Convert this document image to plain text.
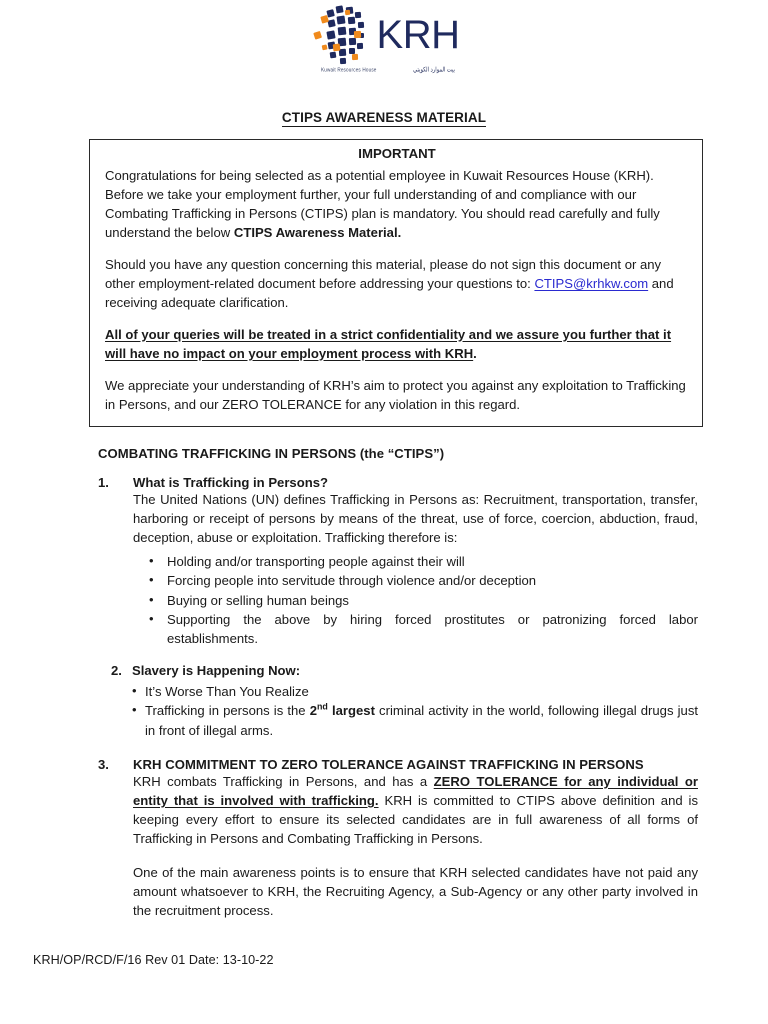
KRH
Kuwait Resources House	بيت الموارد الكويتي
CTIPS AWARENESS MATERIAL
IMPORTANT

Congratulations for being selected as a potential employee in Kuwait Resources House (KRH). Before we take your employment further, your full understanding of and compliance with our Combating Trafficking in Persons (CTIPS) plan is mandatory. You should read carefully and fully understand the below CTIPS Awareness Material.

Should you have any question concerning this material, please do not sign this document or any other employment-related document before addressing your questions to: CTIPS@krhkw.com and receiving adequate clarification.

All of your queries will be treated in a strict confidentiality and we assure you further that it will have no impact on your employment process with KRH.

We appreciate your understanding of KRH’s aim to protect you against any exploitation to Trafficking in Persons, and our ZERO TOLERANCE for any violation in this regard.

COMBATING TRAFFICKING IN PERSONS (the “CTIPS”)
1.	What is Trafficking in Persons?

The United Nations (UN) defines Trafficking in Persons as: Recruitment, transportation, transfer, harboring or receipt of persons by means of the threat, use of force, coercion, abduction, fraud, deception, abuse or exploitation. Trafficking therefore is:

• Holding and/or transporting people against their will
• Forcing people into servitude through violence and/or deception
• Buying or selling human beings
• Supporting the above by hiring forced prostitutes or patronizing forced labor establishments.
2. Slavery is Happening Now:
• It’s Worse Than You Realize
• Trafficking in persons is the 2nd largest criminal activity in the world, following illegal drugs just in front of illegal arms.
3.	KRH COMMITMENT TO ZERO TOLERANCE AGAINST TRAFFICKING IN PERSONS

KRH combats Trafficking in Persons, and has a ZERO TOLERANCE for any individual or entity that is involved with trafficking. KRH is committed to CTIPS above definition and is keeping every effort to ensure its selected candidates are in full awareness of all forms of Trafficking in Persons and Combating Trafficking in Persons.

One of the main awareness points is to ensure that KRH selected candidates have not paid any amount whatsoever to KRH, the Recruiting Agency, a Sub-Agency or any other party involved in the recruitment process.

KRH/OP/RCD/F/16 Rev 01 Date: 13-10-22
